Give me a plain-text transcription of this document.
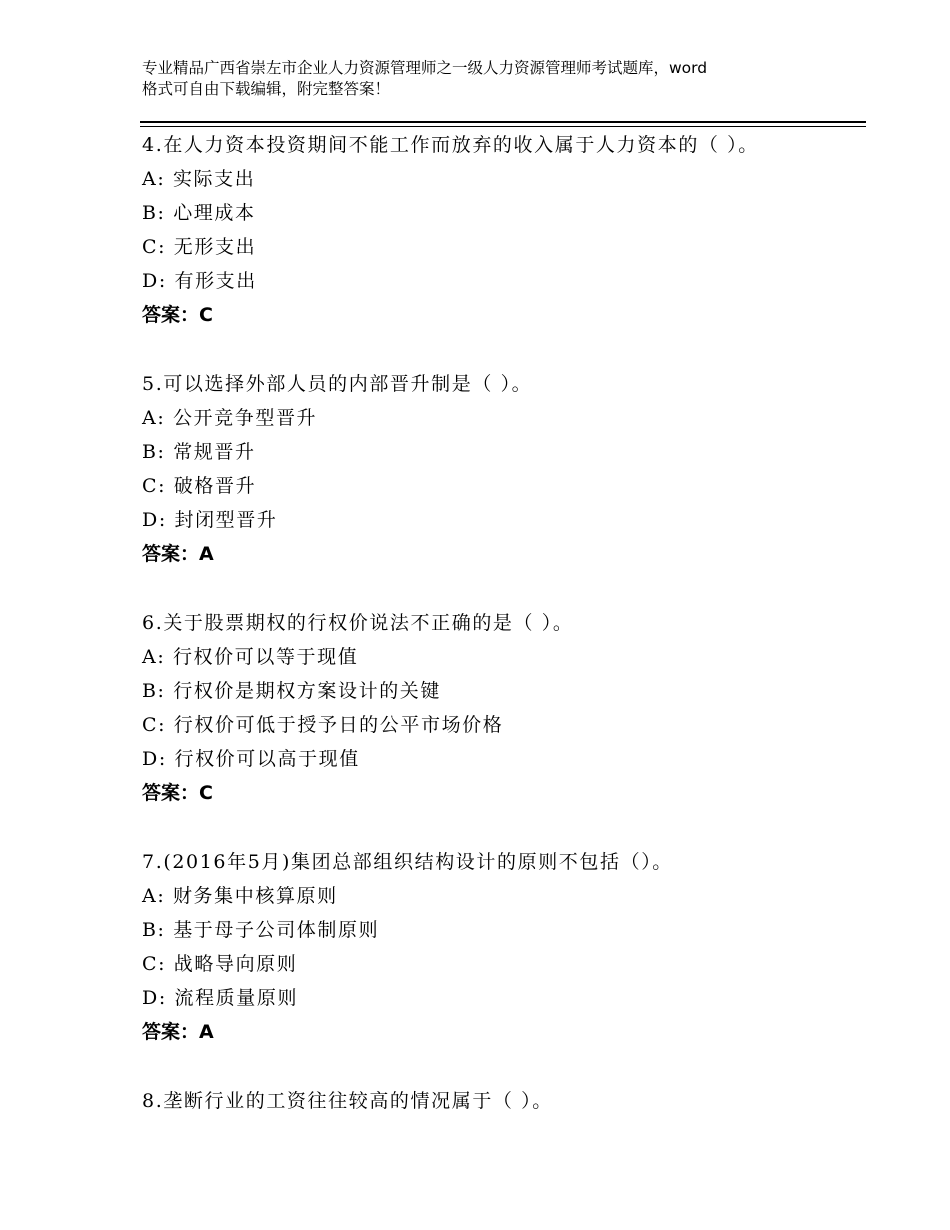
专业精品广西省崇左市企业人力资源管理师之一级人力资源管理师考试题库，word
格式可自由下载编辑，附完整答案！
4.在人力资本投资期间不能工作而放弃的收入属于人力资本的（ ）。
A: 实际支出
B: 心理成本
C: 无形支出
D: 有形支出
答案：C
5.可以选择外部人员的内部晋升制是（ ）。
A: 公开竞争型晋升
B: 常规晋升
C: 破格晋升
D: 封闭型晋升
答案：A
6.关于股票期权的行权价说法不正确的是（ ）。
A: 行权价可以等于现值
B: 行权价是期权方案设计的关键
C: 行权价可低于授予日的公平市场价格
D: 行权价可以高于现值
答案：C
7.(2016年5月)集团总部组织结构设计的原则不包括（）。
A: 财务集中核算原则
B: 基于母子公司体制原则
C: 战略导向原则
D: 流程质量原则
答案：A
8.垄断行业的工资往往较高的情况属于（ ）。
